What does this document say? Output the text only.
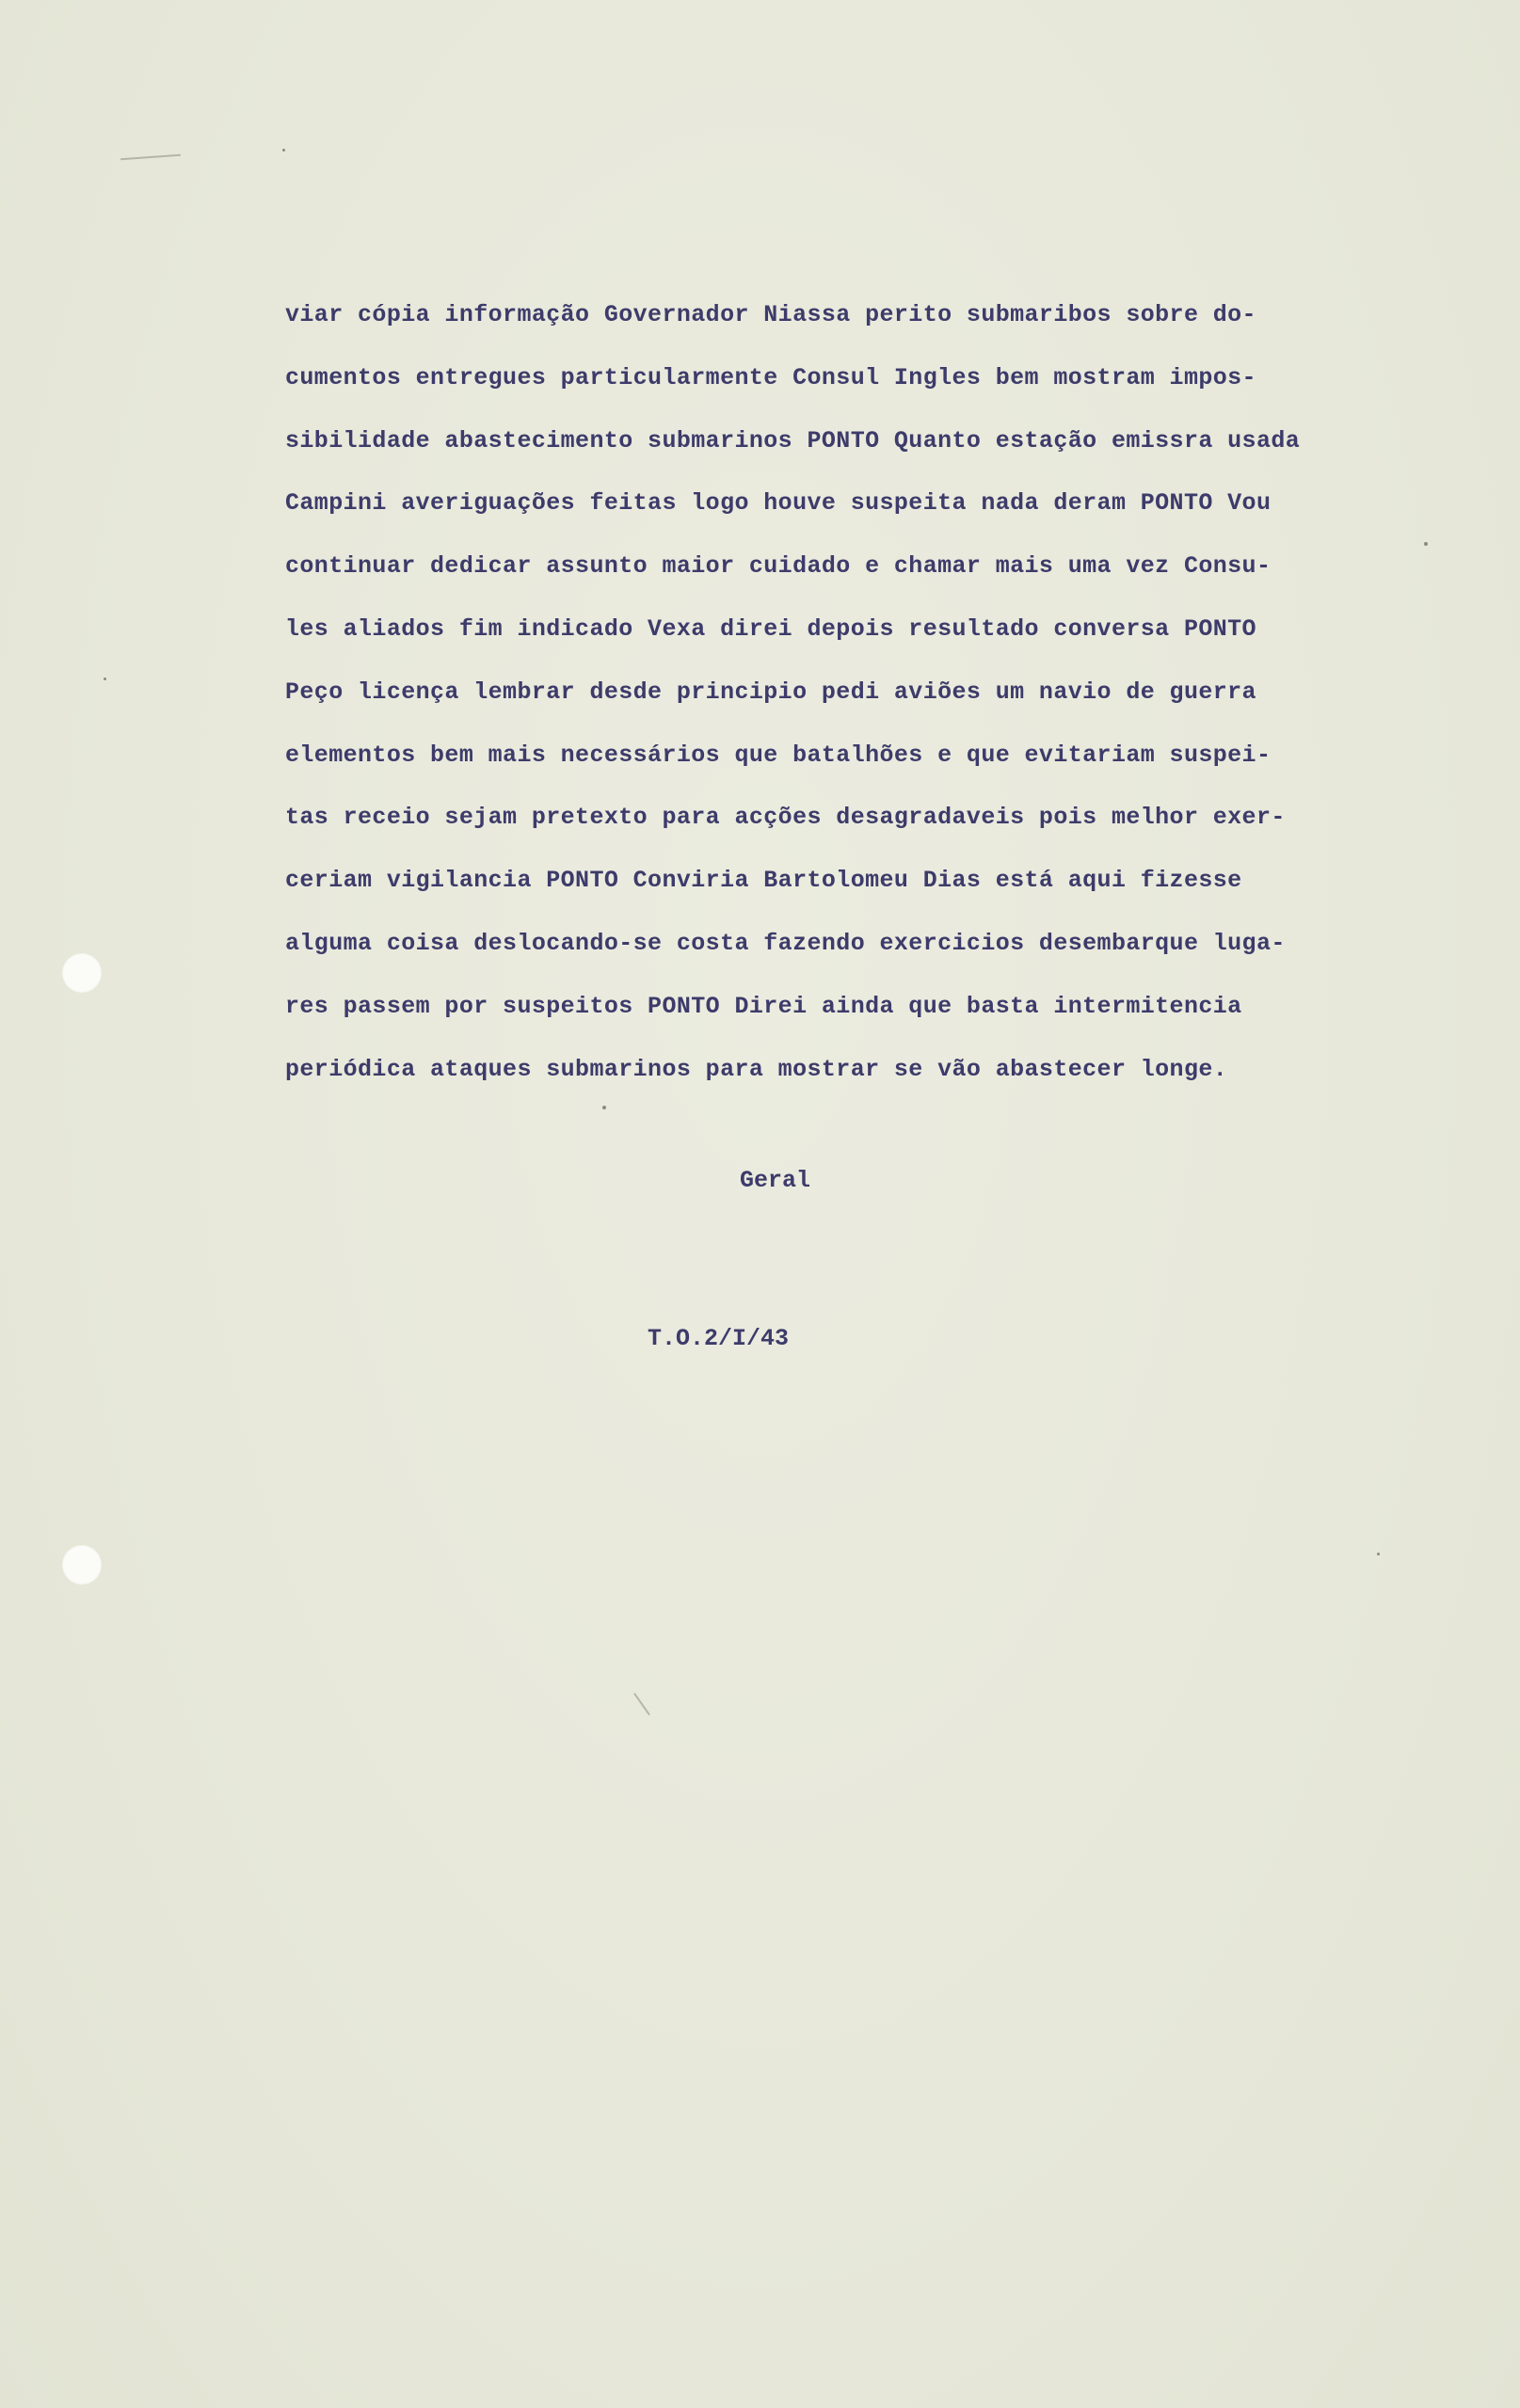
viar cópia informação Governador Niassa perito submaribos sobre do-
cumentos entregues particularmente Consul Ingles bem mostram impos-
sibilidade abastecimento submarinos PONTO Quanto estação emissra usada
Campini averiguações feitas logo houve suspeita nada deram PONTO Vou
continuar dedicar assunto maior cuidado e chamar mais uma vez Consu-
les aliados fim indicado Vexa direi depois resultado conversa PONTO
Peço licença lembrar desde principio pedi aviões um navio de guerra
elementos bem mais necessários que batalhões e que evitariam suspei-
tas receio sejam pretexto para acções desagradaveis pois melhor exer-
ceriam vigilancia PONTO Conviria Bartolomeu Dias está aqui fizesse
alguma coisa deslocando-se costa fazendo exercicios desembarque luga-
res passem por suspeitos PONTO Direi ainda que basta intermitencia
periódica ataques submarinos para mostrar se vão abastecer longe.
Geral
T.O.2/I/43
